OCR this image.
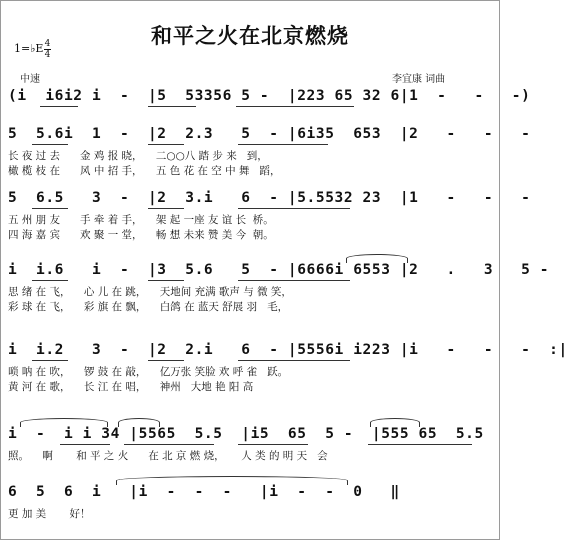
和平之火在北京燃烧
1=♭E 4
4
中速	李宜康 词曲
(i  i6i2 i  -  |5  53356 5 -  |223 65 32 6|1  -   -   -)
5  5.6i  1  -  |2  2.3   5  - |6i35  653  |2   -   -   -
长 夜 过 去      金 鸡 报 晓，    二○○八 踏 步 来   到，
橄 榄 枝 在      风 中 招 手，    五 色 花 在 空 中 舞   蹈，
5  6.5   3  -  |2  3.i   6  - |5.5532 23  |1   -   -   -
五 州 朋 友      手 牵 着 手，    架 起 一座 友 谊 长  桥。
四 海 嘉 宾      欢 聚 一 堂，    畅 想 未来 赞 美 今  朝。
i  i.6   i  -  |3  5.6   5  - |6666i 6553 |2   .   3   5 -
思 绪 在 飞，    心 儿 在 跳，    天地间 充满 歌声 与 微 笑，
彩 球 在 飞，    彩 旗 在 飘，    白鸽 在 蓝天 舒展 羽   毛，
i  i.2   3  -  |2  2.i   6  - |5556i i223 |i   -   -   -  :|
唢 呐 在 吹，    锣 鼓 在 敲，    亿万张 笑脸 欢 呼 雀   跃。
黄 河 在 歌，    长 江 在 唱，    神州   大地 艳 阳 高
i  -  i i 34 |5565  5.5  |i5  65  5 -  |555 65  5.5
照。    啊       和 平 之 火      在 北 京 燃 烧，     人 类 的 明 天   会
6  5  6  i   |i  -  -  -   |i  -  -  0   ‖
更 加 美       好！
